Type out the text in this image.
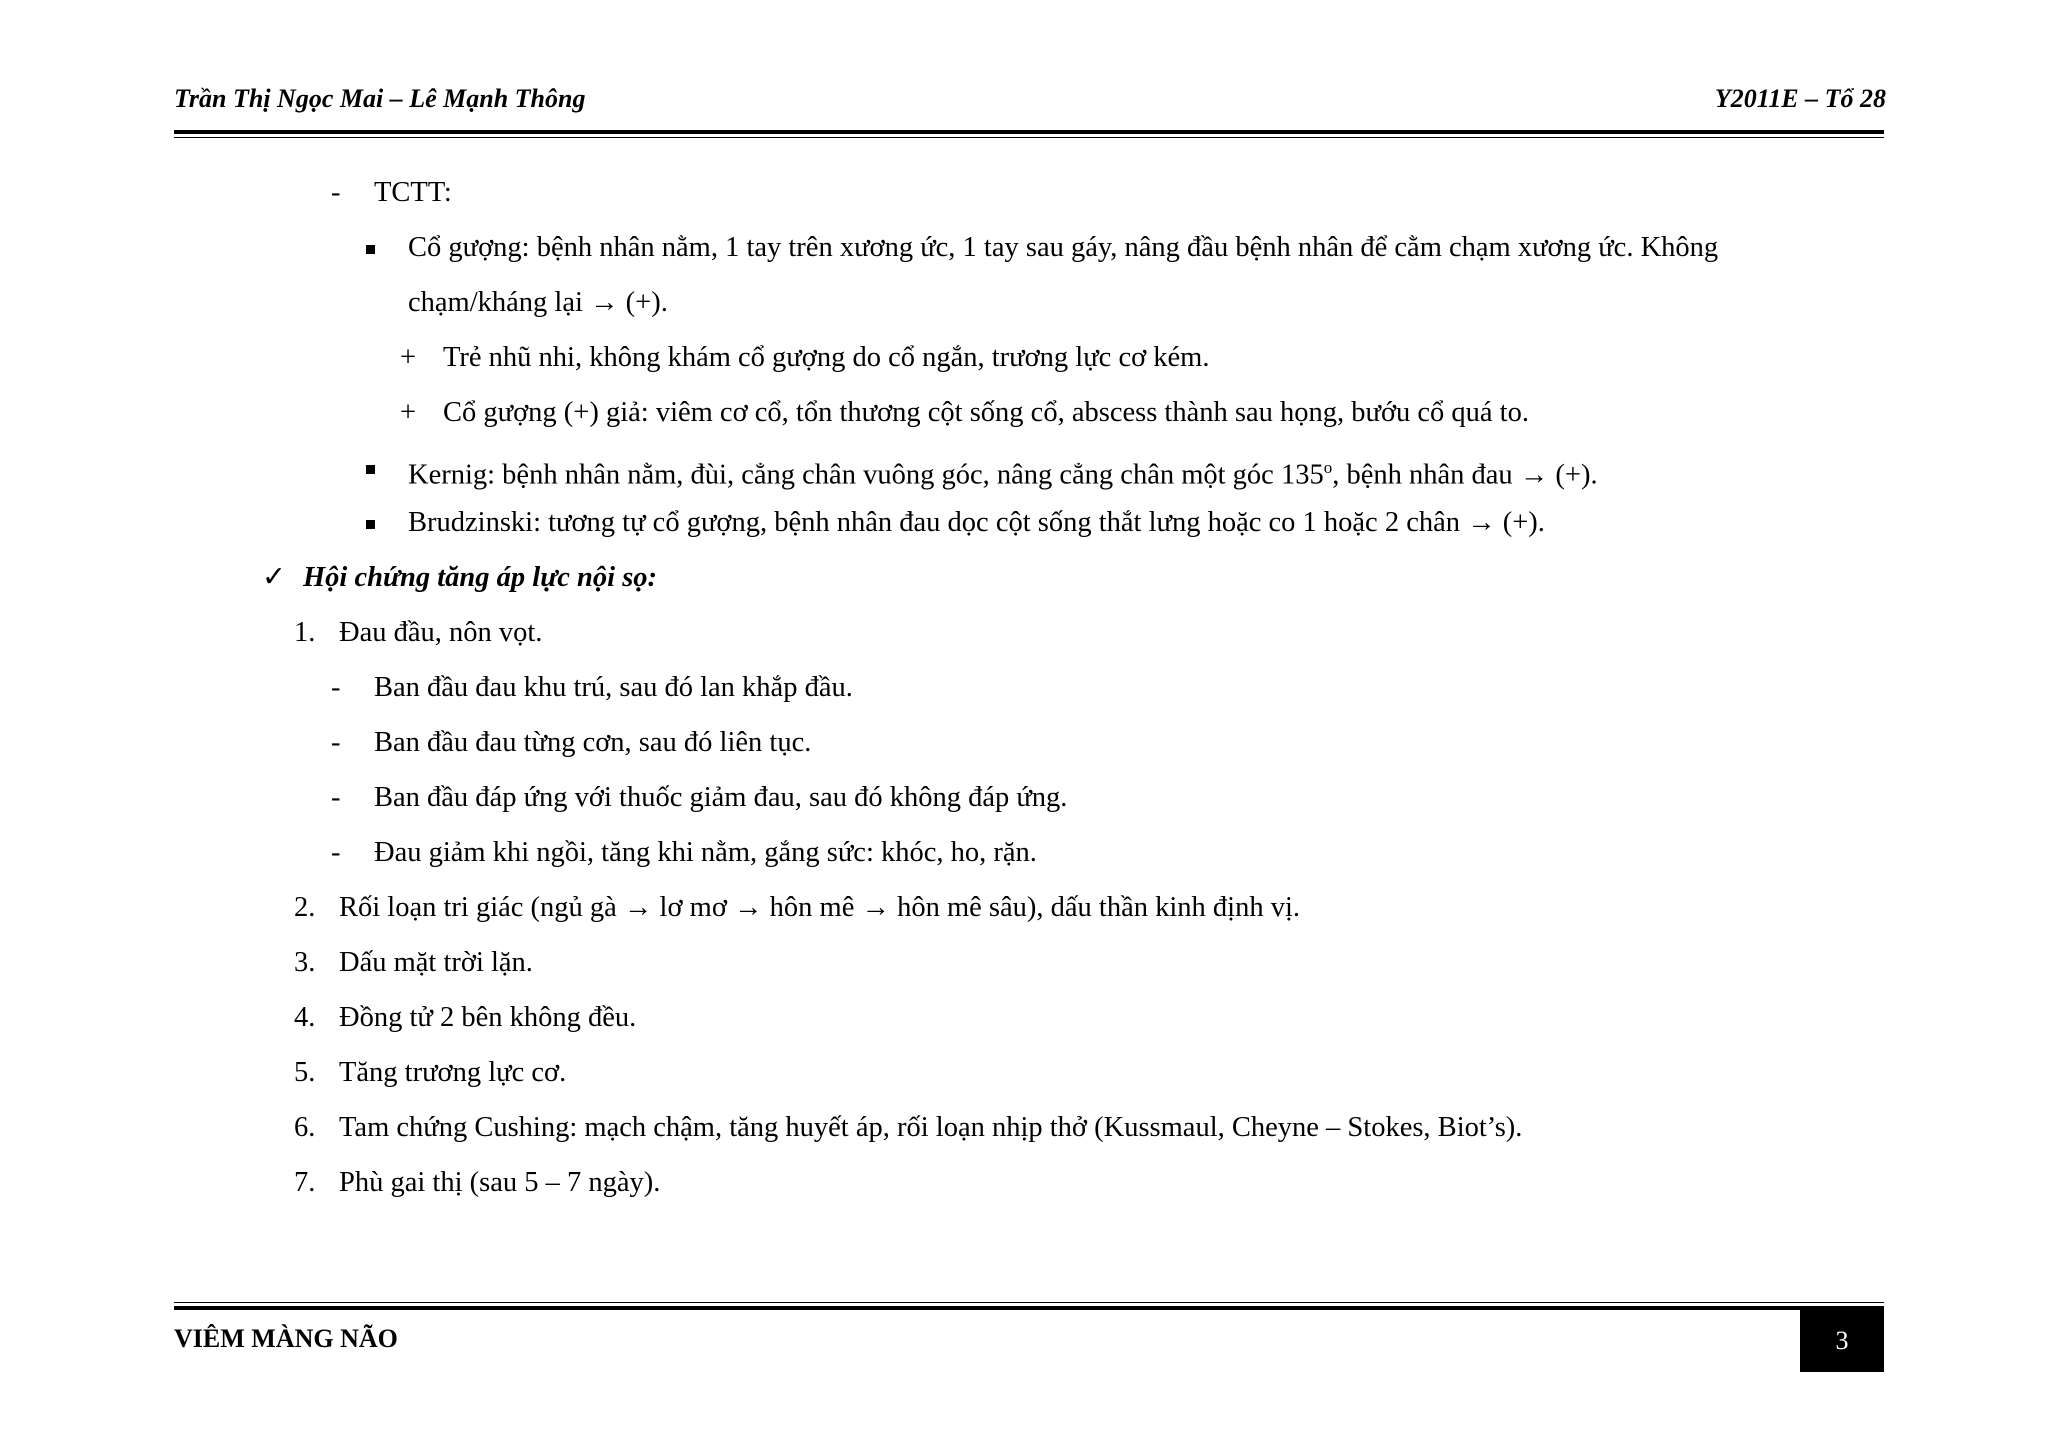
Trần Thị Ngọc Mai – Lê Mạnh Thông	Y2011E – Tổ 28
- TCTT:
Cổ gượng: bệnh nhân nằm, 1 tay trên xương ức, 1 tay sau gáy, nâng đầu bệnh nhân để cằm chạm xương ức. Không
chạm/kháng lại → (+).
+ Trẻ nhũ nhi, không khám cổ gượng do cổ ngắn, trương lực cơ kém.
+ Cổ gượng (+) giả: viêm cơ cổ, tổn thương cột sống cổ, abscess thành sau họng, bướu cổ quá to.
Kernig: bệnh nhân nằm, đùi, cẳng chân vuông góc, nâng cẳng chân một góc 135$^o$, bệnh nhân đau → (+).
Brudzinski: tương tự cổ gượng, bệnh nhân đau dọc cột sống thắt lưng hoặc co 1 hoặc 2 chân → (+).
✓ Hội chứng tăng áp lực nội sọ:
1. Đau đầu, nôn vọt.
- Ban đầu đau khu trú, sau đó lan khắp đầu.
- Ban đầu đau từng cơn, sau đó liên tục.
- Ban đầu đáp ứng với thuốc giảm đau, sau đó không đáp ứng.
- Đau giảm khi ngồi, tăng khi nằm, gắng sức: khóc, ho, rặn.
2. Rối loạn tri giác (ngủ gà → lơ mơ → hôn mê → hôn mê sâu), dấu thần kinh định vị.
3. Dấu mặt trời lặn.
4. Đồng tử 2 bên không đều.
5. Tăng trương lực cơ.
6. Tam chứng Cushing: mạch chậm, tăng huyết áp, rối loạn nhịp thở (Kussmaul, Cheyne – Stokes, Biot’s).
7. Phù gai thị (sau 5 – 7 ngày).
VIÊM MÀNG NÃO	3
